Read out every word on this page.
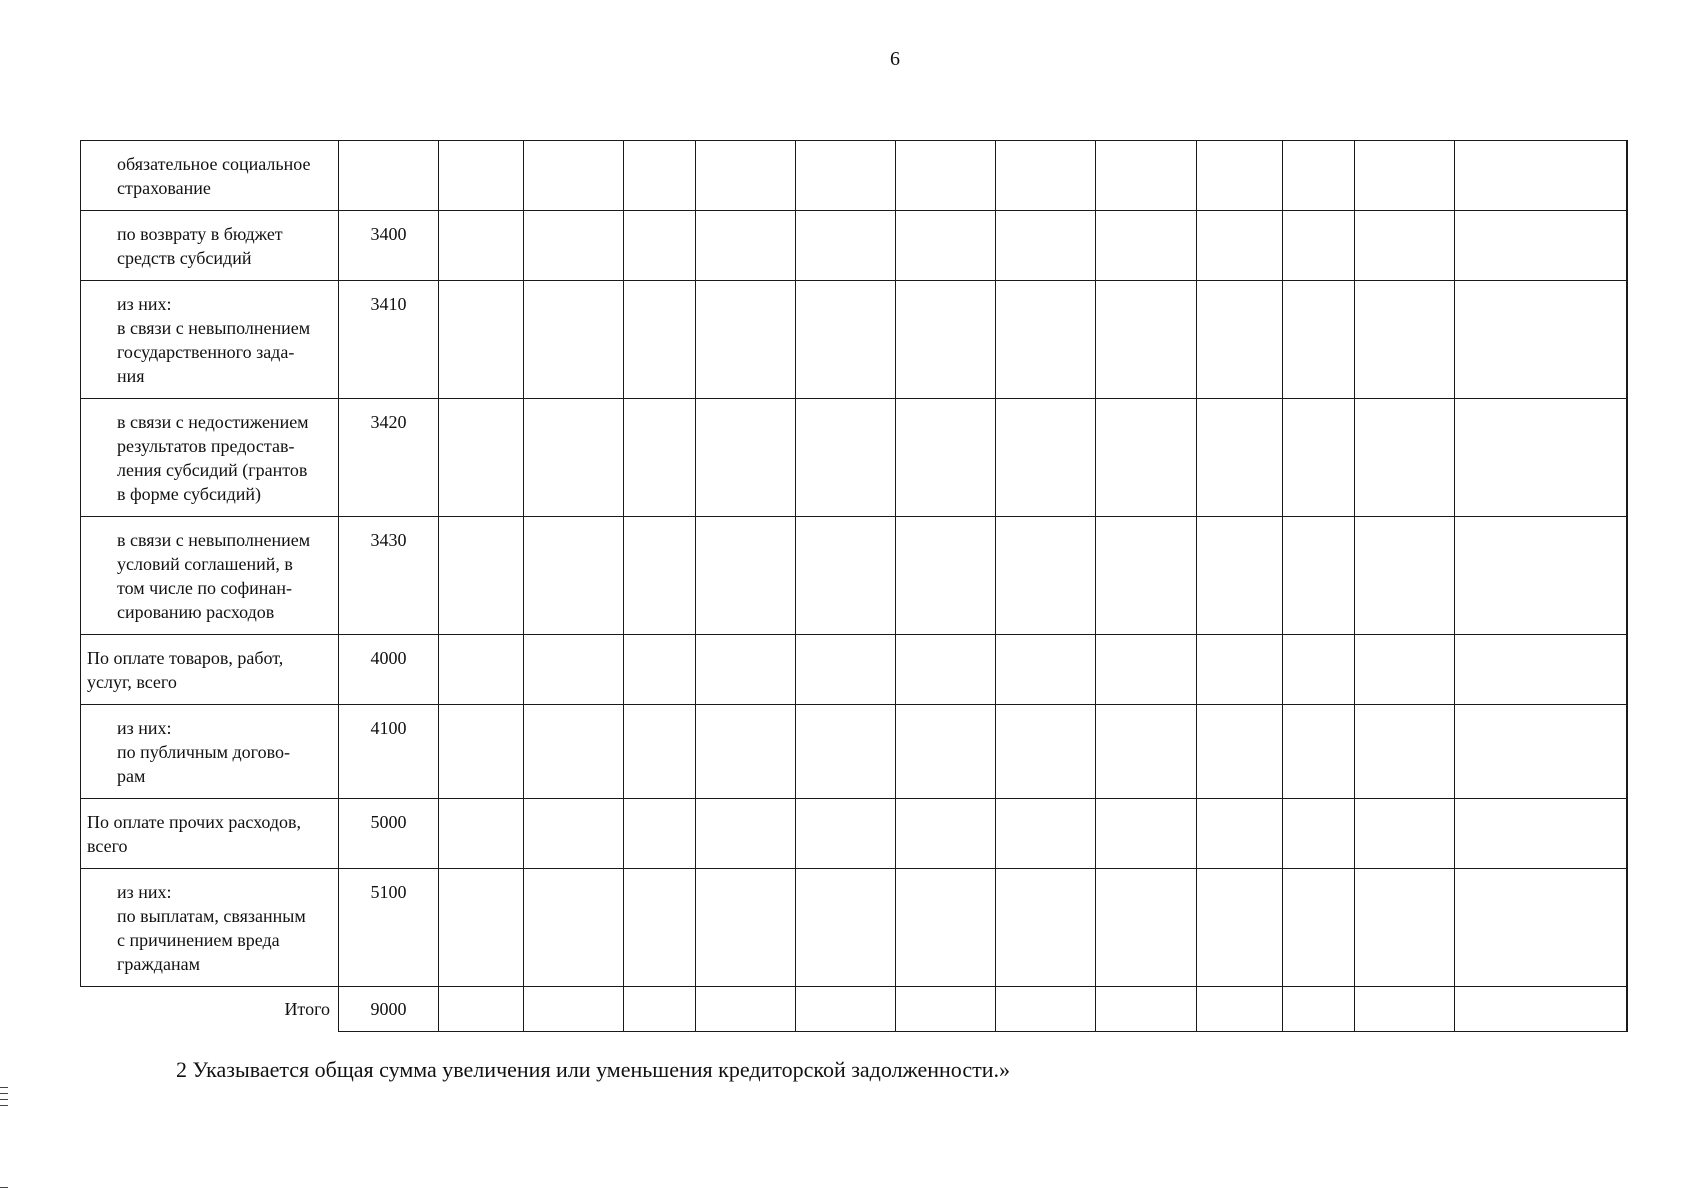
6
обязательное социальное
страхование														

по возврату в бюджет
средств субсидий	3400													

из них:
в связи с невыполнением
государственного зада-
ния	3410													

в связи с недостижением
результатов предостав-
ления субсидий (грантов
в форме субсидий)	3420													

в связи с невыполнением
условий соглашений, в
том числе по софинан-
сированию расходов	3430													

По оплате товаров, работ,
услуг, всего	4000													

из них:
по публичным догово-
рам	4100													

По оплате прочих расходов,
всего	5000													

из них:
по выплатам, связанным
с причинением вреда
гражданам	5100													
Итого	9000													
2 Указывается общая сумма увеличения или уменьшения кредиторской задолженности.»
